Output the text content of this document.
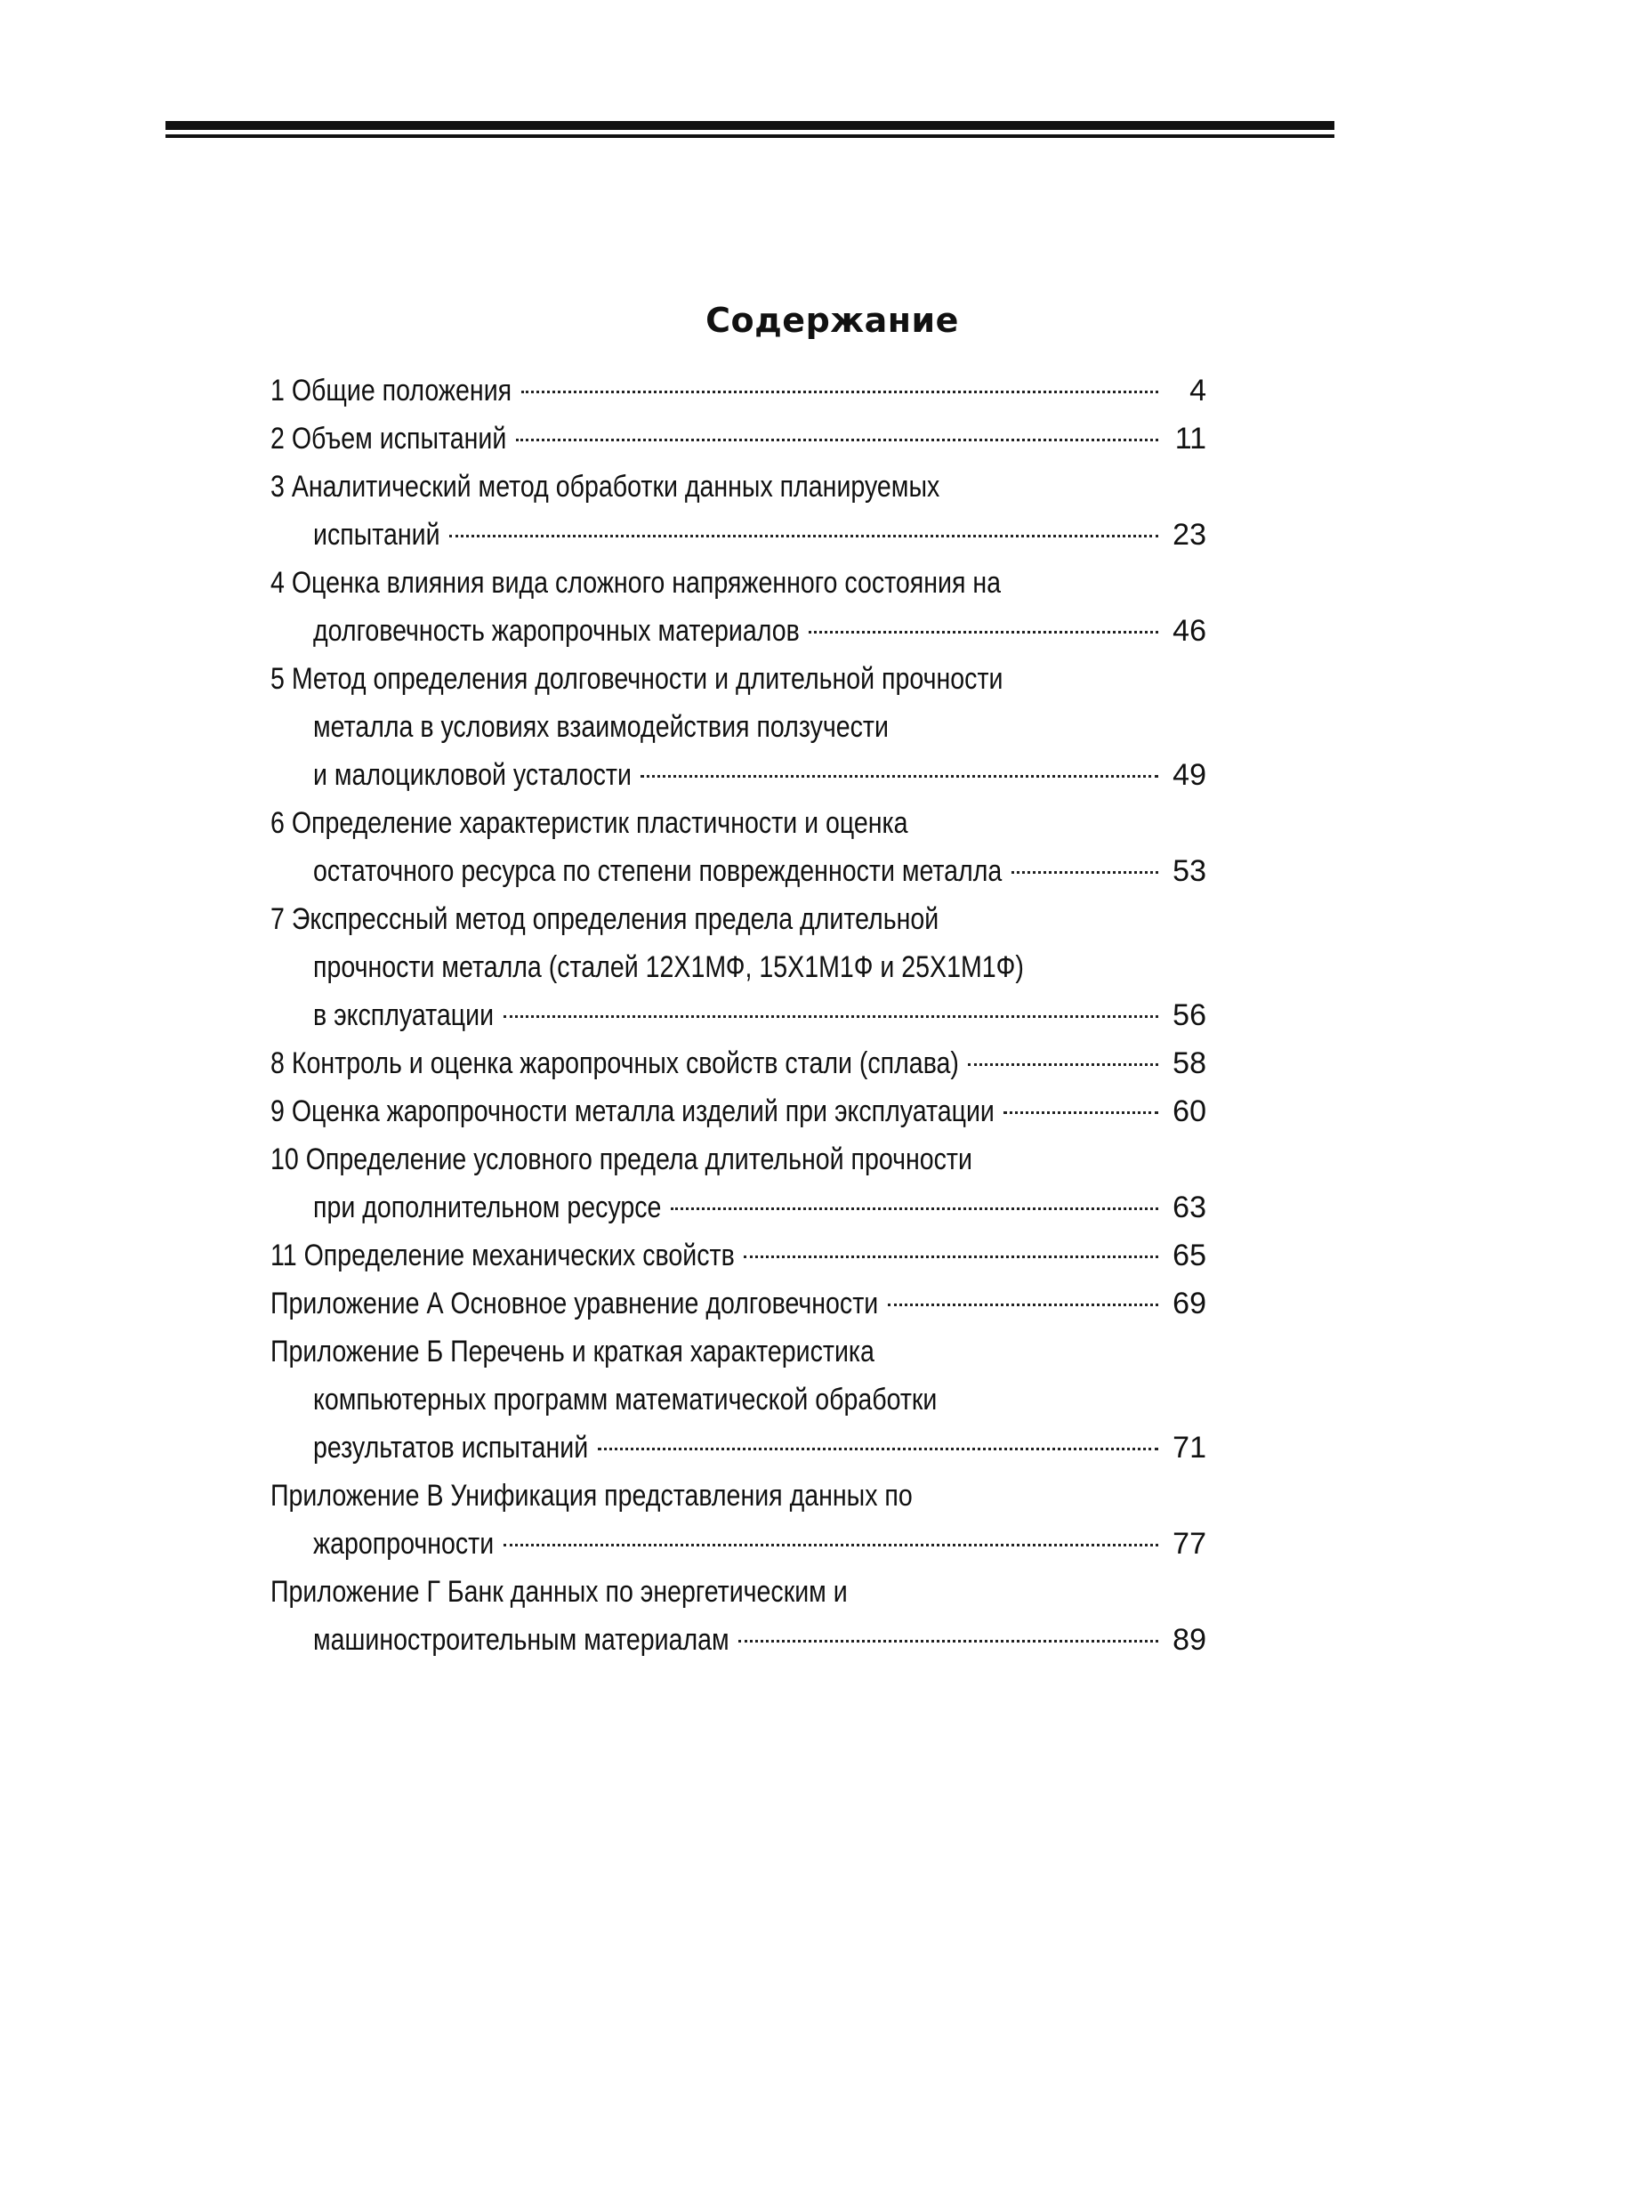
Содержание
1 Общие положения	4
2 Объем испытаний	11
3 Аналитический метод обработки данных планируемых
испытаний	23
4 Оценка влияния вида сложного напряженного состояния на
долговечность жаропрочных материалов	46
5 Метод определения долговечности и длительной прочности
металла в условиях взаимодействия ползучести
и малоцикловой усталости	49
6 Определение характеристик пластичности и оценка
остаточного ресурса по степени поврежденности металла	53
7 Экспрессный метод определения предела длительной
прочности металла (сталей 12Х1МФ, 15Х1М1Ф и 25Х1М1Ф)
в эксплуатации	56
8 Контроль и оценка жаропрочных свойств стали (сплава)	58
9 Оценка жаропрочности металла изделий при эксплуатации	60
10 Определение условного предела длительной прочности
при дополнительном ресурсе	63
11 Определение механических свойств	65
Приложение А Основное уравнение долговечности	69
Приложение Б Перечень и краткая характеристика
компьютерных программ математической обработки
результатов испытаний	71
Приложение В Унификация представления данных по
жаропрочности	77
Приложение Г Банк данных по энергетическим и
машиностроительным материалам	89
